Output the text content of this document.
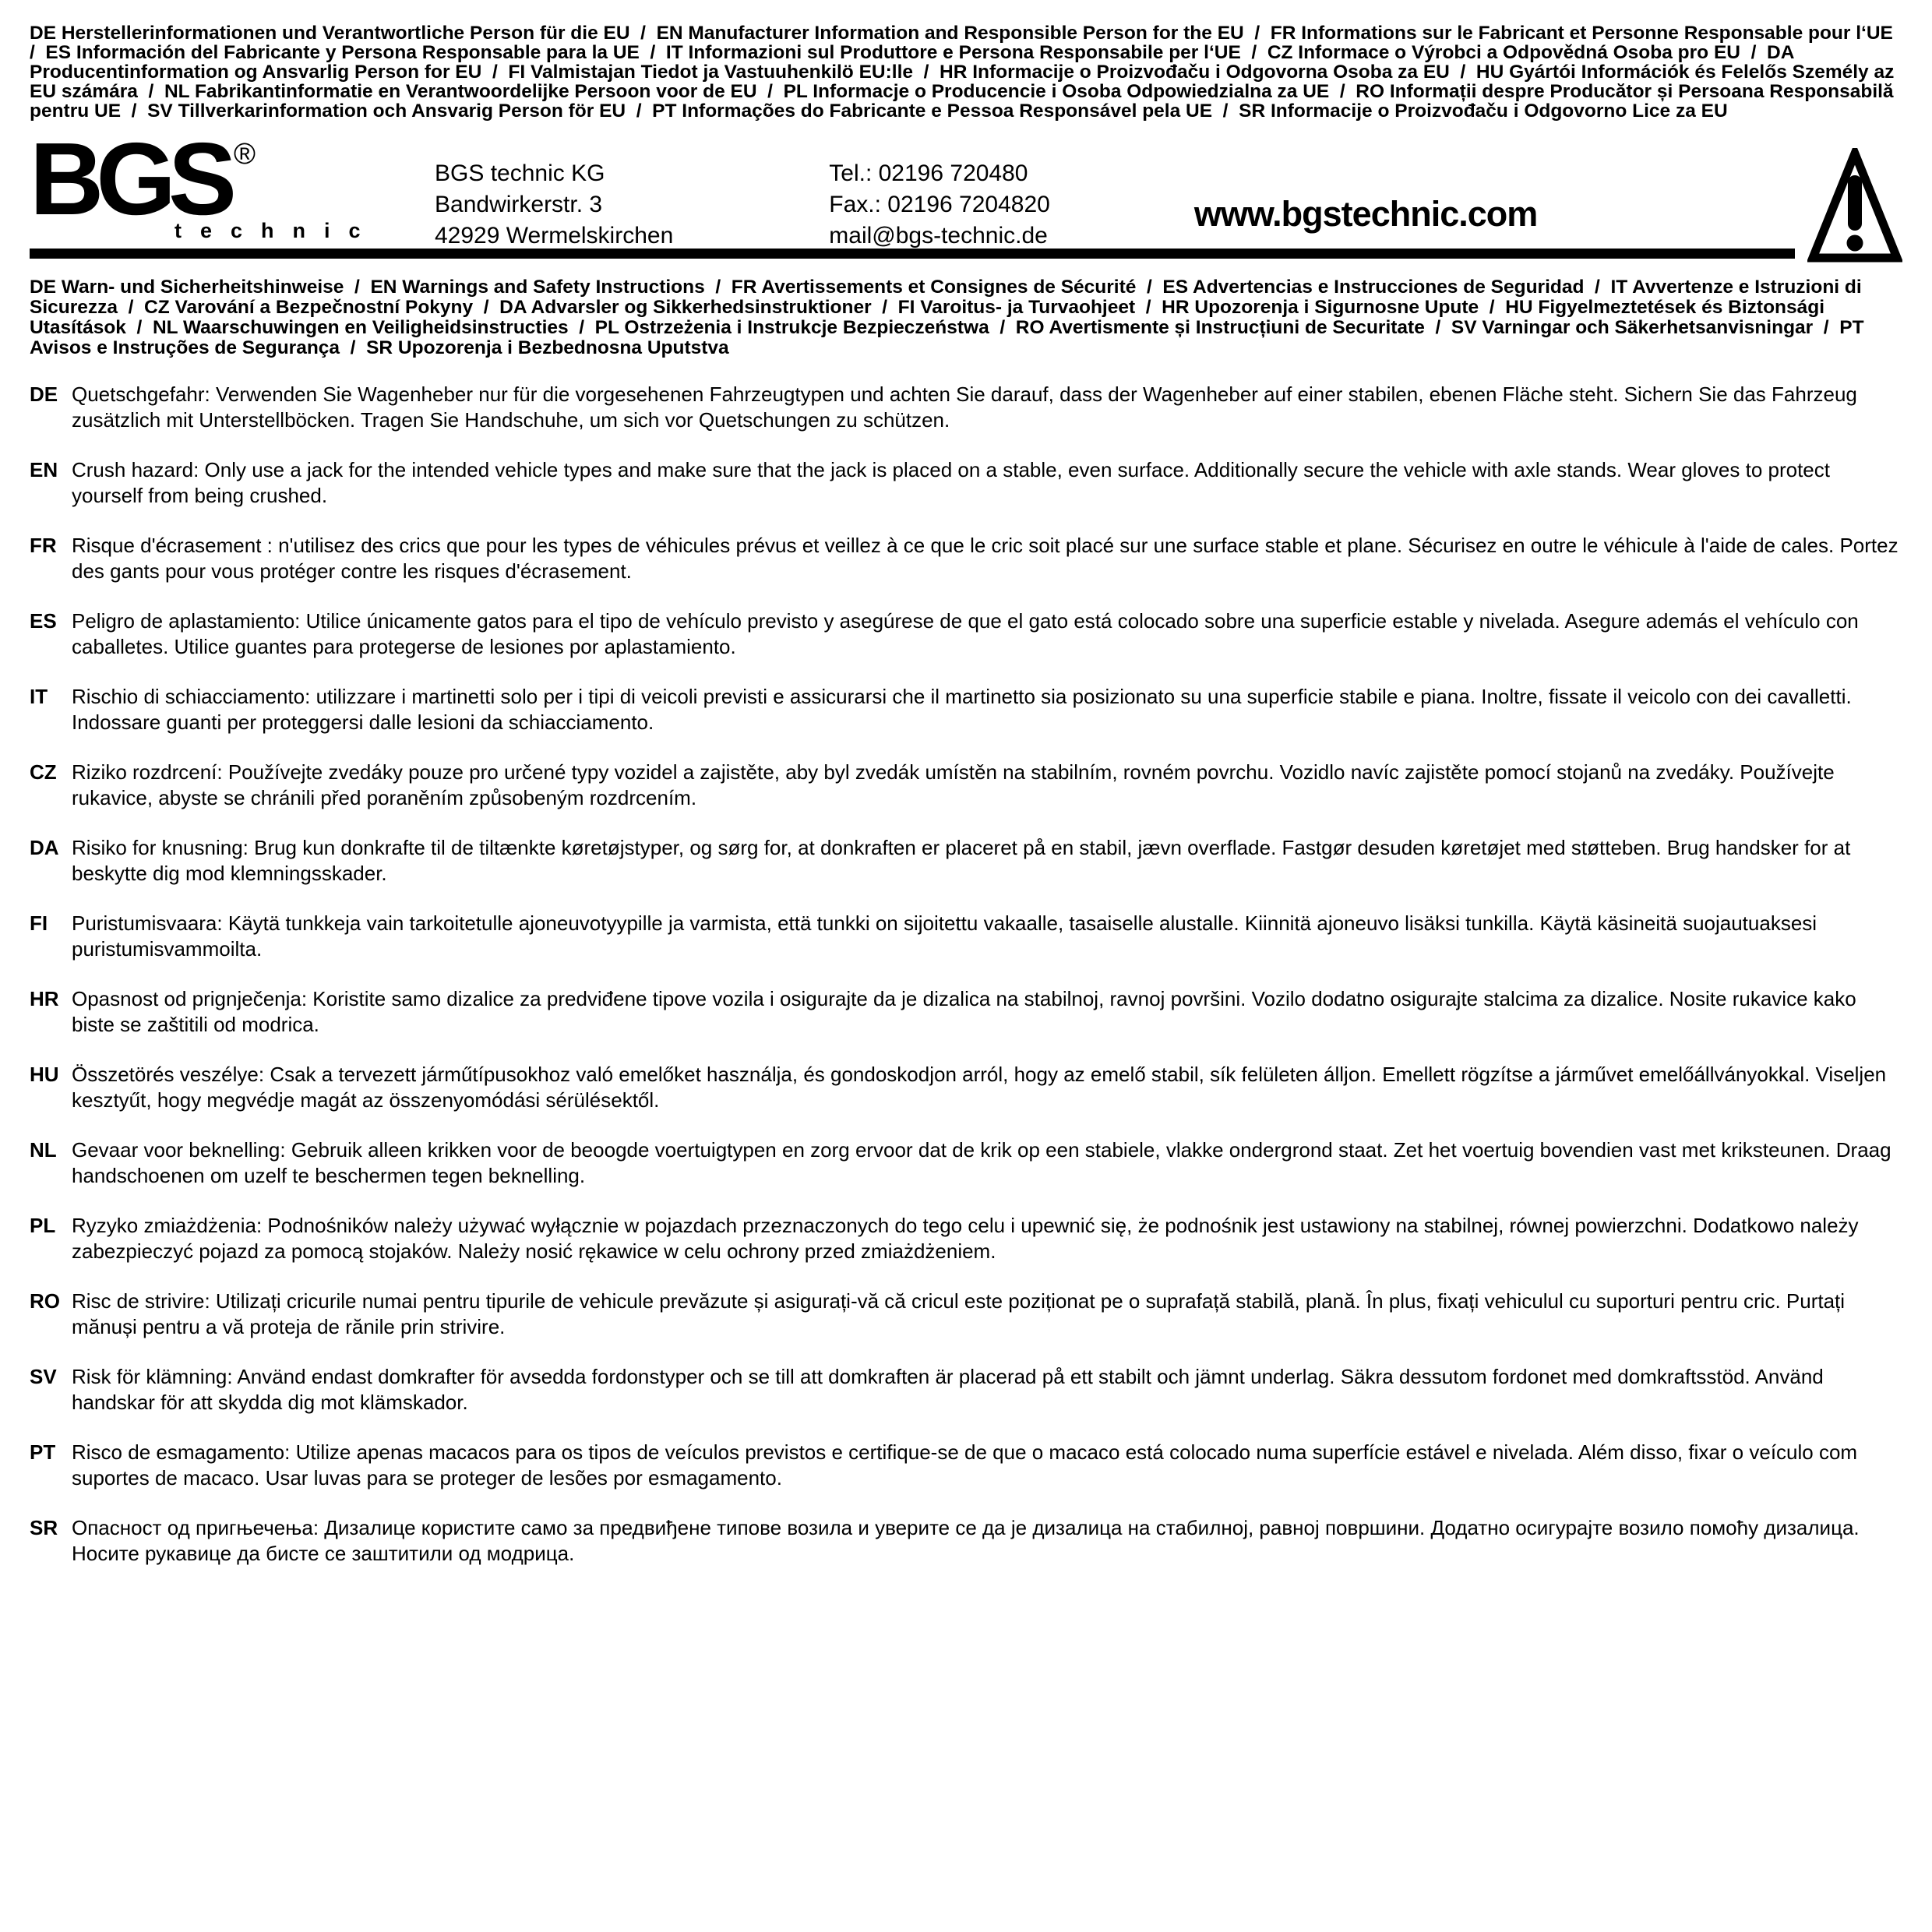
DE Herstellerinformationen und Verantwortliche Person für die EU  /  EN Manufacturer Information and Responsible Person for the EU  /  FR Informations sur le Fabricant et Personne Responsable pour l‘UE  /  ES Información del Fabricante y Persona Responsable para la UE  /  IT Informazioni sul Produttore e Persona Responsabile per l‘UE  /  CZ Informace o Výrobci a Odpovědná Osoba pro EU  /  DA Producentinformation og Ansvarlig Person for EU  /  FI Valmistajan Tiedot ja Vastuuhenkilö EU:lle  /  HR Informacije o Proizvođaču i Odgovorna Osoba za EU  /  HU Gyártói Információk és Felelős Személy az EU számára  /  NL Fabrikantinformatie en Verantwoordelijke Persoon voor de EU  /  PL Informacje o Producencie i Osoba Odpowiedzialna za UE  /  RO Informații despre Producător și Persoana Responsabilă pentru UE  /  SV Tillverkarinformation och Ansvarig Person för EU  /  PT Informações do Fabricante e Pessoa Responsável pela UE  /  SR Informacije o Proizvođaču i Odgovorno Lice za EU
BGS ®
technic
BGS technic KG
Bandwirkerstr. 3
42929 Wermelskirchen
Tel.: 02196 720480
Fax.: 02196 7204820
mail@bgs-technic.de
www.bgstechnic.com
DE Warn- und Sicherheitshinweise  /  EN Warnings and Safety Instructions  /  FR Avertissements et Consignes de Sécurité  /  ES Advertencias e Instrucciones de Seguridad  /  IT Avvertenze e Istruzioni di Sicurezza  /  CZ Varování a Bezpečnostní Pokyny  /  DA Advarsler og Sikkerhedsinstruktioner  /  FI Varoitus- ja Turvaohjeet  /  HR Upozorenja i Sigurnosne Upute  /  HU Figyelmeztetések és Biztonsági Utasítások  /  NL Waarschuwingen en Veiligheidsinstructies  /  PL Ostrzeżenia i Instrukcje Bezpieczeństwa  /  RO Avertismente și Instrucțiuni de Securitate  /  SV Varningar och Säkerhetsanvisningar  /  PT Avisos e Instruções de Segurança  /  SR Upozorenja i Bezbednosna Uputstva
DE Quetschgefahr: Verwenden Sie Wagenheber nur für die vorgesehenen Fahrzeugtypen und achten Sie darauf, dass der Wagenheber auf einer stabilen, ebenen Fläche steht. Sichern Sie das Fahrzeug zusätzlich mit Unterstellböcken. Tragen Sie Handschuhe, um sich vor Quetschungen zu schützen.
EN Crush hazard: Only use a jack for the intended vehicle types and make sure that the jack is placed on a stable, even surface. Additionally secure the vehicle with axle stands. Wear gloves to protect yourself from being crushed.
FR Risque d'écrasement : n'utilisez des crics que pour les types de véhicules prévus et veillez à ce que le cric soit placé sur une surface stable et plane. Sécurisez en outre le véhicule à l'aide de cales. Portez des gants pour vous protéger contre les risques d'écrasement.
ES Peligro de aplastamiento: Utilice únicamente gatos para el tipo de vehículo previsto y asegúrese de que el gato está colocado sobre una superficie estable y nivelada. Asegure además el vehículo con caballetes. Utilice guantes para protegerse de lesiones por aplastamiento.
IT	Rischio di schiacciamento: utilizzare i martinetti solo per i tipi di veicoli previsti e assicurarsi che il martinetto sia posizionato su una superficie stabile e piana. Inoltre, fissate il veicolo con dei cavalletti. Indossare guanti per proteggersi dalle lesioni da schiacciamento.
CZ Riziko rozdrcení: Používejte zvedáky pouze pro určené typy vozidel a zajistěte, aby byl zvedák umístěn na stabilním, rovném povrchu. Vozidlo navíc zajistěte pomocí stojanů na zvedáky. Používejte rukavice, abyste se chránili před poraněním způsobeným rozdrcením.
DA Risiko for knusning: Brug kun donkrafte til de tiltænkte køretøjstyper, og sørg for, at donkraften er placeret på en stabil, jævn overflade. Fastgør desuden køretøjet med støtteben. Brug handsker for at beskytte dig mod klemningsskader.
FI	Puristumisvaara: Käytä tunkkeja vain tarkoitetulle ajoneuvotyypille ja varmista, että tunkki on sijoitettu vakaalle, tasaiselle alustalle. Kiinnitä ajoneuvo lisäksi tunkilla. Käytä käsineitä suojautuaksesi puristumisvammoilta.
HR Opasnost od prignječenja: Koristite samo dizalice za predviđene tipove vozila i osigurajte da je dizalica na stabilnoj, ravnoj površini. Vozilo dodatno osigurajte stalcima za dizalice. Nosite rukavice kako biste se zaštitili od modrica.
HU Összetörés veszélye: Csak a tervezett járműtípusokhoz való emelőket használja, és gondoskodjon arról, hogy az emelő stabil, sík felületen álljon. Emellett rögzítse a járművet emelőállványokkal. Viseljen kesztyűt, hogy megvédje magát az összenyomódási sérülésektől.
NL Gevaar voor beknelling: Gebruik alleen krikken voor de beoogde voertuigtypen en zorg ervoor dat de krik op een stabiele, vlakke ondergrond staat. Zet het voertuig bovendien vast met kriksteunen. Draag handschoenen om uzelf te beschermen tegen beknelling.
PL Ryzyko zmiażdżenia: Podnośników należy używać wyłącznie w pojazdach przeznaczonych do tego celu i upewnić się, że podnośnik jest ustawiony na stabilnej, równej powierzchni. Dodatkowo należy zabezpieczyć pojazd za pomocą stojaków. Należy nosić rękawice w celu ochrony przed zmiażdżeniem.
RO Risc de strivire: Utilizați cricurile numai pentru tipurile de vehicule prevăzute și asigurați-vă că cricul este poziționat pe o suprafață stabilă, plană. În plus, fixați vehiculul cu suporturi pentru cric. Purtați mănuși pentru a vă proteja de rănile prin strivire.
SV Risk för klämning: Använd endast domkrafter för avsedda fordonstyper och se till att domkraften är placerad på ett stabilt och jämnt underlag. Säkra dessutom fordonet med domkraftsstöd. Använd handskar för att skydda dig mot klämskador.
PT Risco de esmagamento: Utilize apenas macacos para os tipos de veículos previstos e certifique-se de que o macaco está colocado numa superfície estável e nivelada. Além disso, fixar o veículo com suportes de macaco. Usar luvas para se proteger de lesões por esmagamento.
SR Опасност од пригњечења: Дизалице користите само за предвиђене типове возила и уверите се да је дизалица на стабилној, равној површини. Додатно осигурајте возило помоћу дизалица. Носите рукавице да бисте се заштитили од модрица.
